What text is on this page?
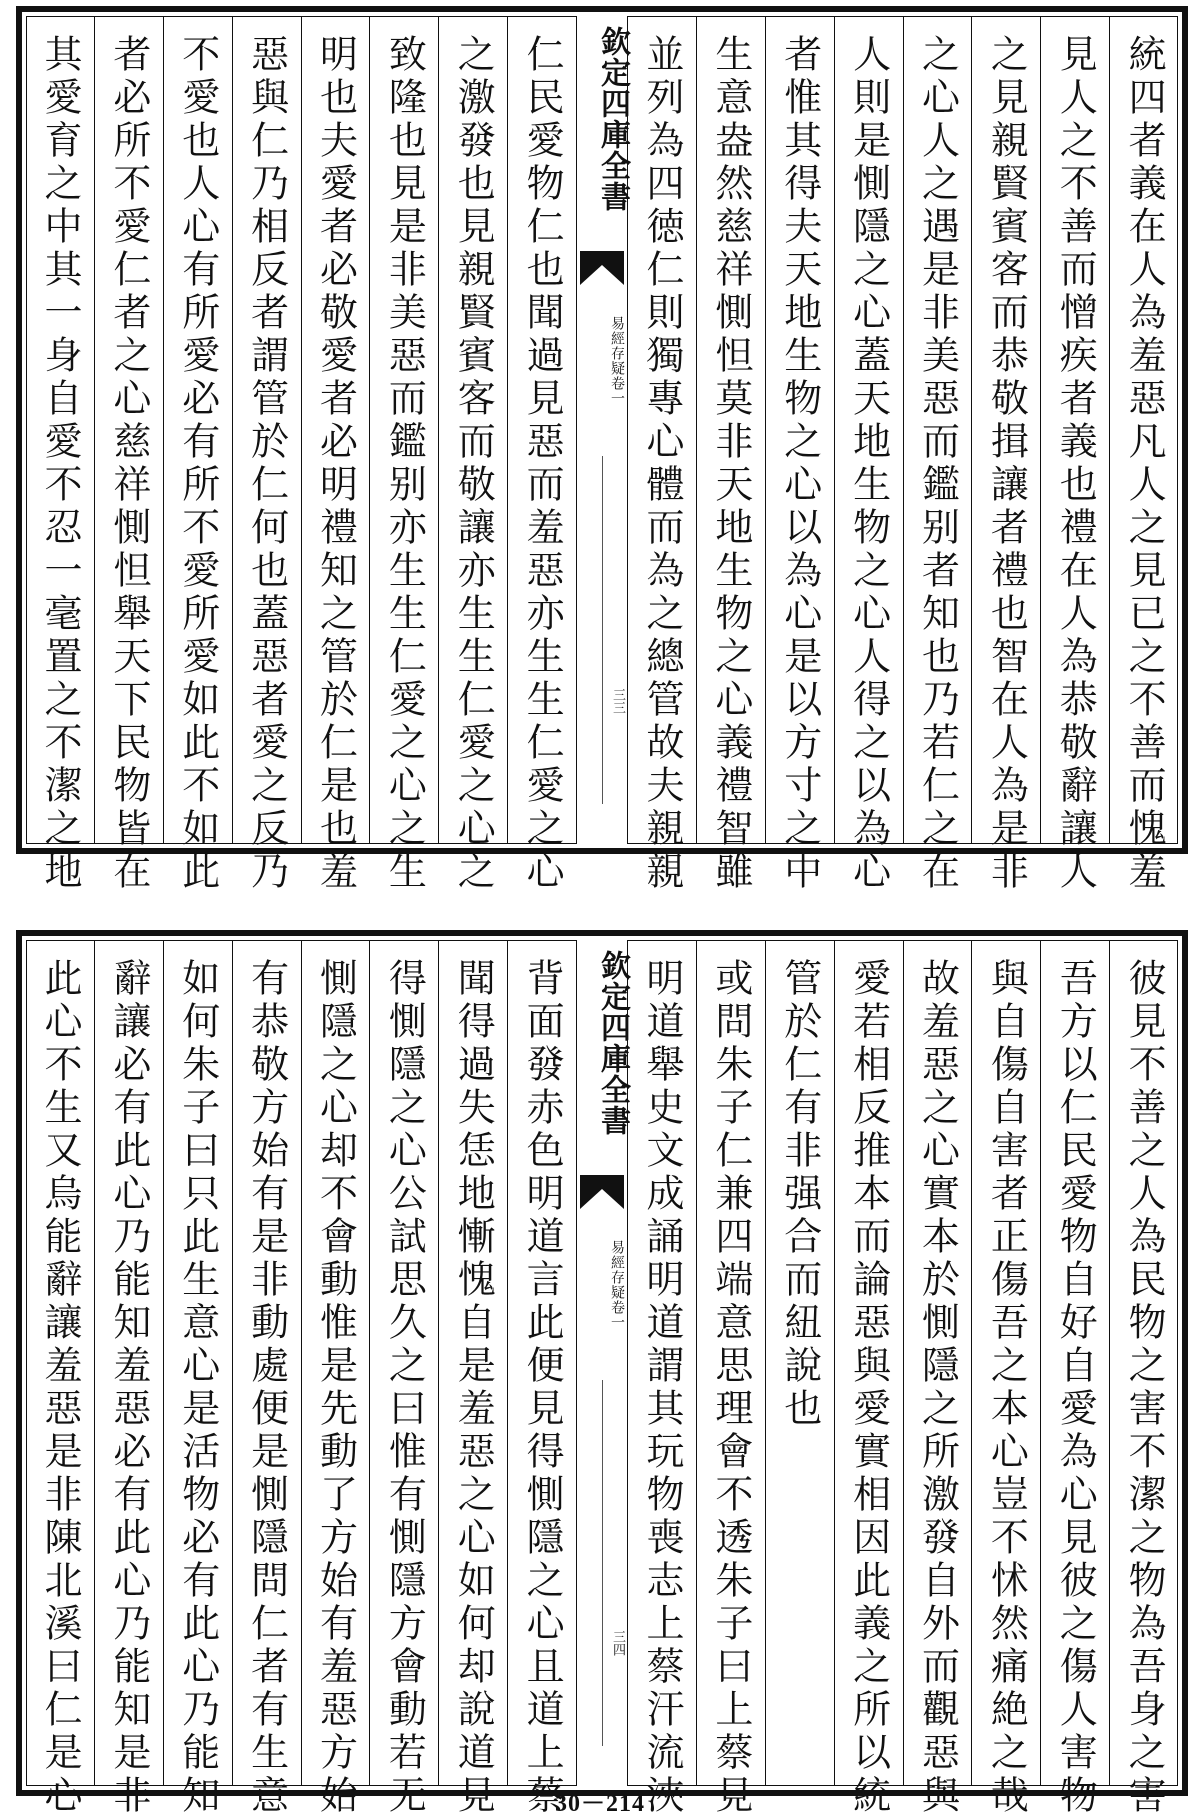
統四者義在人為羞惡凡人之見已之不善而愧羞
見人之不善而憎疾者義也禮在人為恭敬辭讓人
之見親賢賓客而恭敬揖讓者禮也智在人為是非
之心人之遇是非美惡而鑑别者知也乃若仁之在
人則是惻隱之心蓋天地生物之心人得之以為心
者惟其得夫天地生物之心以為心是以方寸之中
生意盎然慈祥惻怛莫非天地生物之心義禮智雖
並列為四徳仁則獨專心體而為之總管故夫親親
欽定四庫全書
易經存疑
卷一
三三
仁民愛物仁也聞過見惡而羞惡亦生生仁愛之心
之激發也見親賢賓客而敬讓亦生生仁愛之心之
致隆也見是非美惡而鑑别亦生生仁愛之心之生
明也夫愛者必敬愛者必明禮知之管於仁是也羞
惡與仁乃相反者謂管於仁何也蓋惡者愛之反乃
不愛也人心有所愛必有所不愛所愛如此不如此
者必所不愛仁者之心慈祥惻怛舉天下民物皆在
其愛育之中其一身自愛不忍一毫置之不潔之地
彼見不善之人為民物之害不潔之物為吾身之害
吾方以仁民愛物自好自愛為心見彼之傷人害物
與自傷自害者正傷吾之本心豈不怵然痛絶之哉
故羞惡之心實本於惻隱之所激發自外而觀惡與
愛若相反推本而論惡與愛實相因此義之所以統
管於仁有非强合而紐說也
或問朱子仁兼四端意思理會不透朱子曰上蔡見
明道舉史文成誦明道謂其玩物喪志上蔡汗流浹
欽定四庫全書
易經存疑
卷一
三四
背面發赤色明道言此便見得惻隱之心且道上蔡
聞得過失恁地慚愧自是羞惡之心如何却說道見
得惻隱之心公試思久之曰惟有惻隱方會動若无
惻隱之心却不會動惟是先動了方始有羞惡方始
有恭敬方始有是非動處便是惻隱問仁者有生意
如何朱子曰只此生意心是活物必有此心乃能知
辭讓必有此心乃能知羞惡必有此心乃能知是非
此心不生又烏能辭讓羞惡是非陳北溪曰仁是心	30－214
